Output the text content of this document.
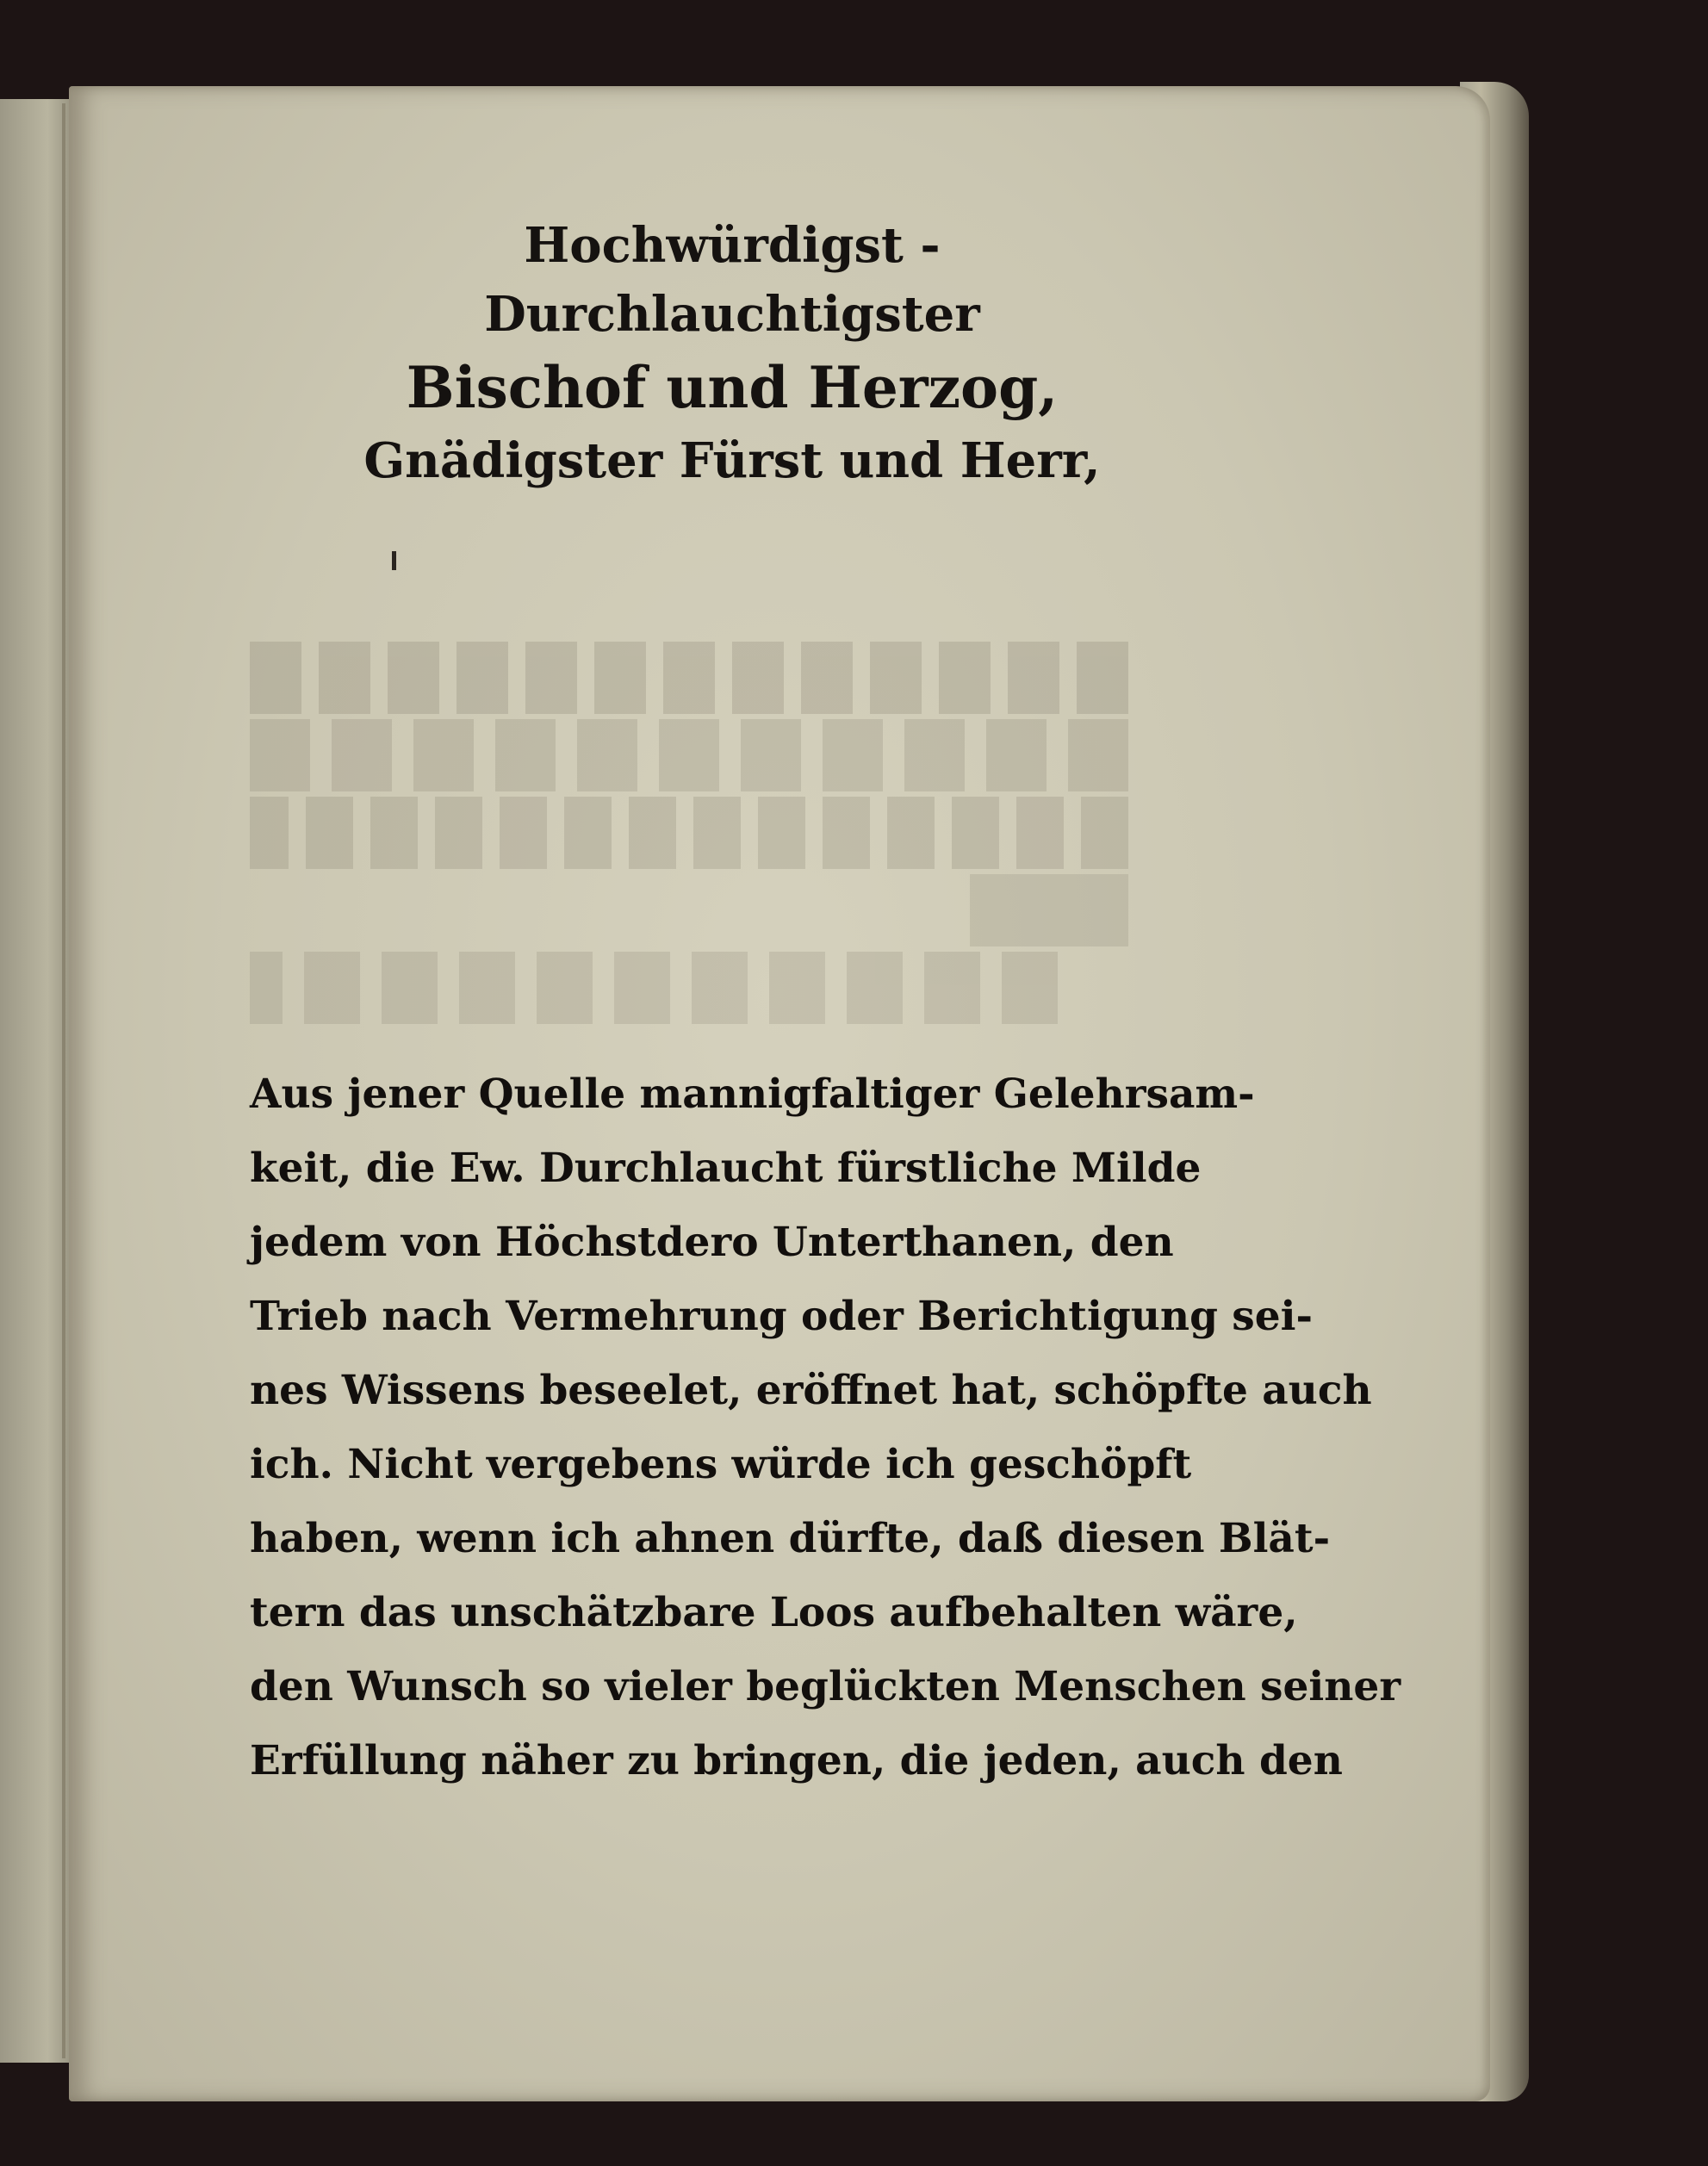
Hochwürdigst - Durchlauchtigster
Bischof und Herzog,
Gnädigster Fürst und Herr,
Aus jener Quelle mannigfaltiger Gelehrsam-
keit, die Ew. Durchlaucht fürstliche Milde
jedem von Höchstdero Unterthanen, den
Trieb nach Vermehrung oder Berichtigung sei-
nes Wissens beseelet, eröffnet hat, schöpfte auch
ich. Nicht vergebens würde ich geschöpft
haben, wenn ich ahnen dürfte, daß diesen Blät-
tern das unschätzbare Loos aufbehalten wäre,
den Wunsch so vieler beglückten Menschen seiner
Erfüllung näher zu bringen, die jeden, auch den
